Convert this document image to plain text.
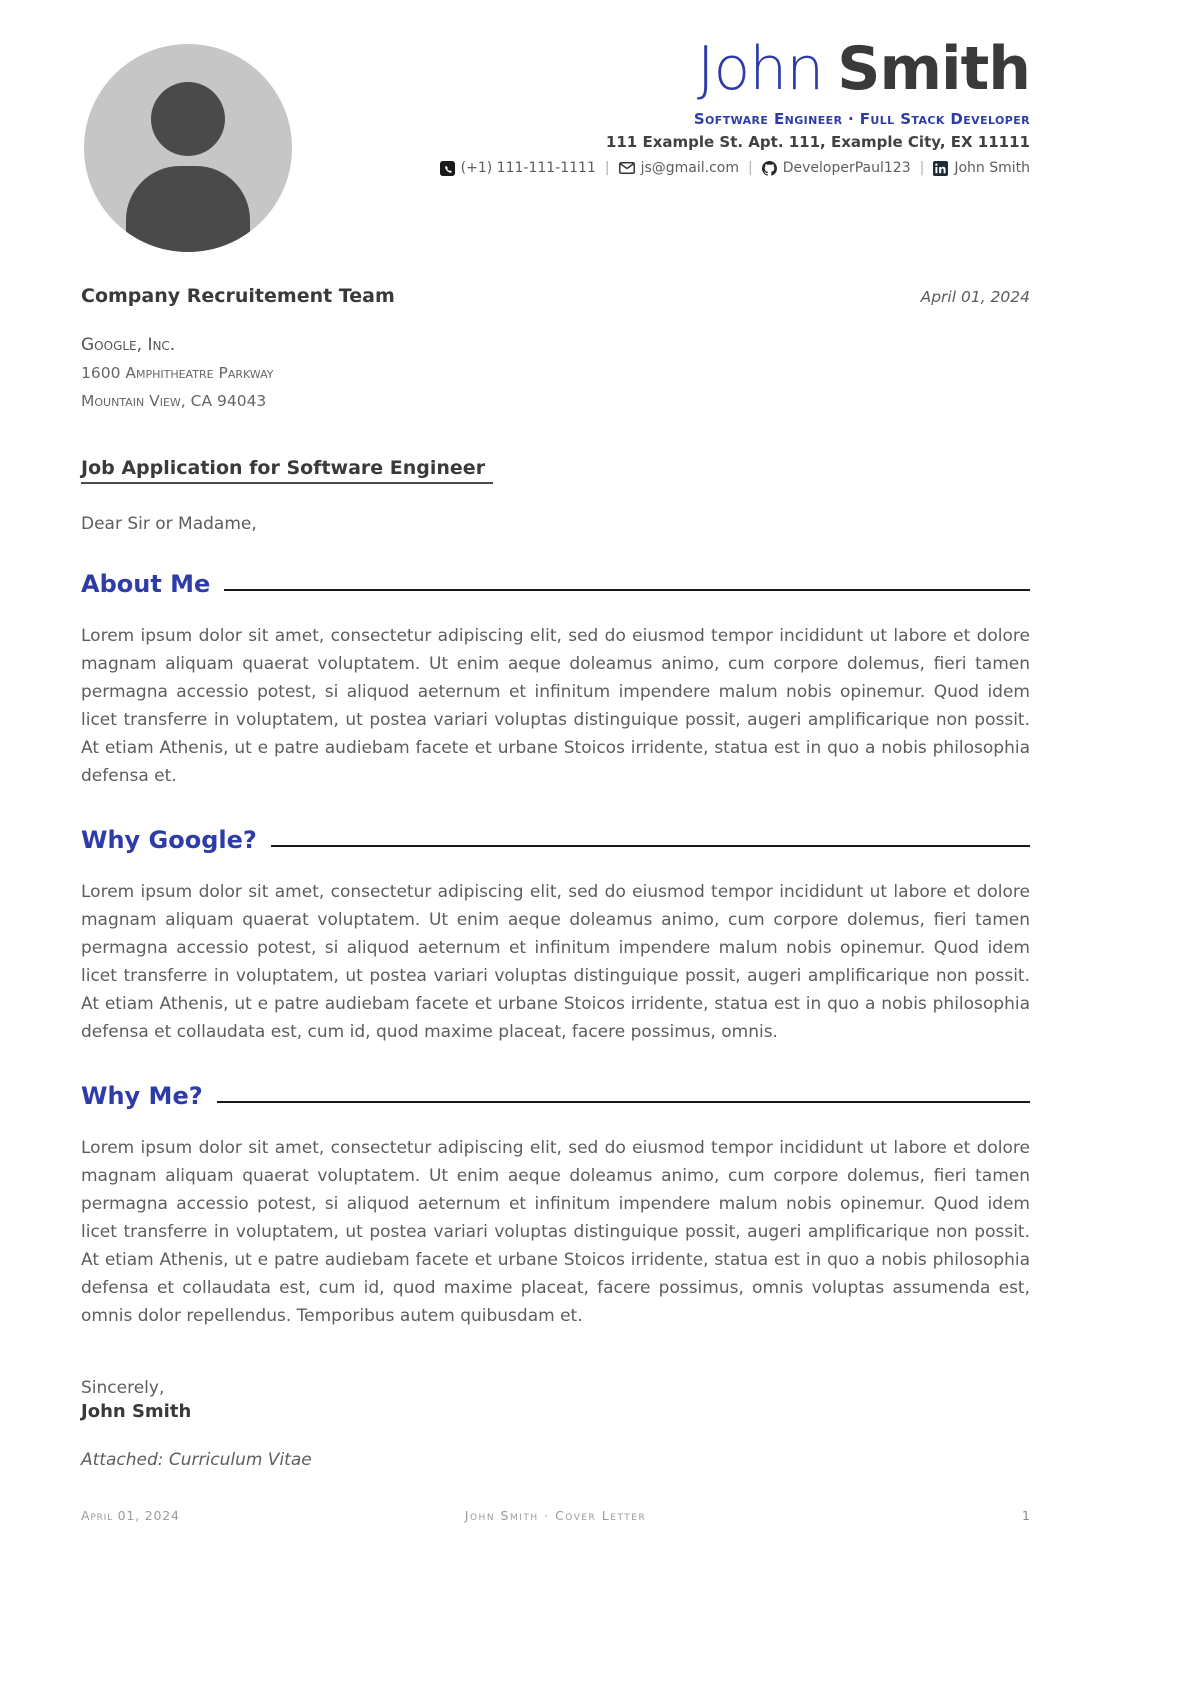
John Smith
Software Engineer · Full Stack Developer
111 Example St. Apt. 111, Example City, EX 11111
(+1) 111-111-1111 | js@gmail.com | DeveloperPaul123 | John Smith
Company Recruitement Team	April 01, 2024
Google, Inc.
1600 Amphitheatre Parkway
Mountain View, CA 94043
Job Application for Software Engineer
Dear Sir or Madame,
About Me

Lorem ipsum dolor sit amet, consectetur adipiscing elit, sed do eiusmod tempor incididunt ut labore et dolore magnam aliquam quaerat voluptatem. Ut enim aeque doleamus animo, cum corpore dolemus, fieri tamen permagna accessio potest, si aliquod aeternum et infinitum impendere malum nobis opinemur. Quod idem licet transferre in voluptatem, ut postea variari voluptas distinguique possit, augeri amplificarique non possit. At etiam Athenis, ut e patre audiebam facete et urbane Stoicos irridente, statua est in quo a nobis philosophia defensa et.

Why Google?

Lorem ipsum dolor sit amet, consectetur adipiscing elit, sed do eiusmod tempor incididunt ut labore et dolore magnam aliquam quaerat voluptatem. Ut enim aeque doleamus animo, cum corpore dolemus, fieri tamen permagna accessio potest, si aliquod aeternum et infinitum impendere malum nobis opinemur. Quod idem licet transferre in voluptatem, ut postea variari voluptas distinguique possit, augeri amplificarique non possit. At etiam Athenis, ut e patre audiebam facete et urbane Stoicos irridente, statua est in quo a nobis philosophia defensa et collaudata est, cum id, quod maxime placeat, facere possimus, omnis.

Why Me?

Lorem ipsum dolor sit amet, consectetur adipiscing elit, sed do eiusmod tempor incididunt ut labore et dolore magnam aliquam quaerat voluptatem. Ut enim aeque doleamus animo, cum corpore dolemus, fieri tamen permagna accessio potest, si aliquod aeternum et infinitum impendere malum nobis opinemur. Quod idem licet transferre in voluptatem, ut postea variari voluptas distinguique possit, augeri amplificarique non possit. At etiam Athenis, ut e patre audiebam facete et urbane Stoicos irridente, statua est in quo a nobis philosophia defensa et collaudata est, cum id, quod maxime placeat, facere possimus, omnis voluptas assumenda est, omnis dolor repellendus. Temporibus autem quibusdam et.

Sincerely,
John Smith
Attached: Curriculum Vitae
April 01, 2024	John Smith · Cover Letter	1
